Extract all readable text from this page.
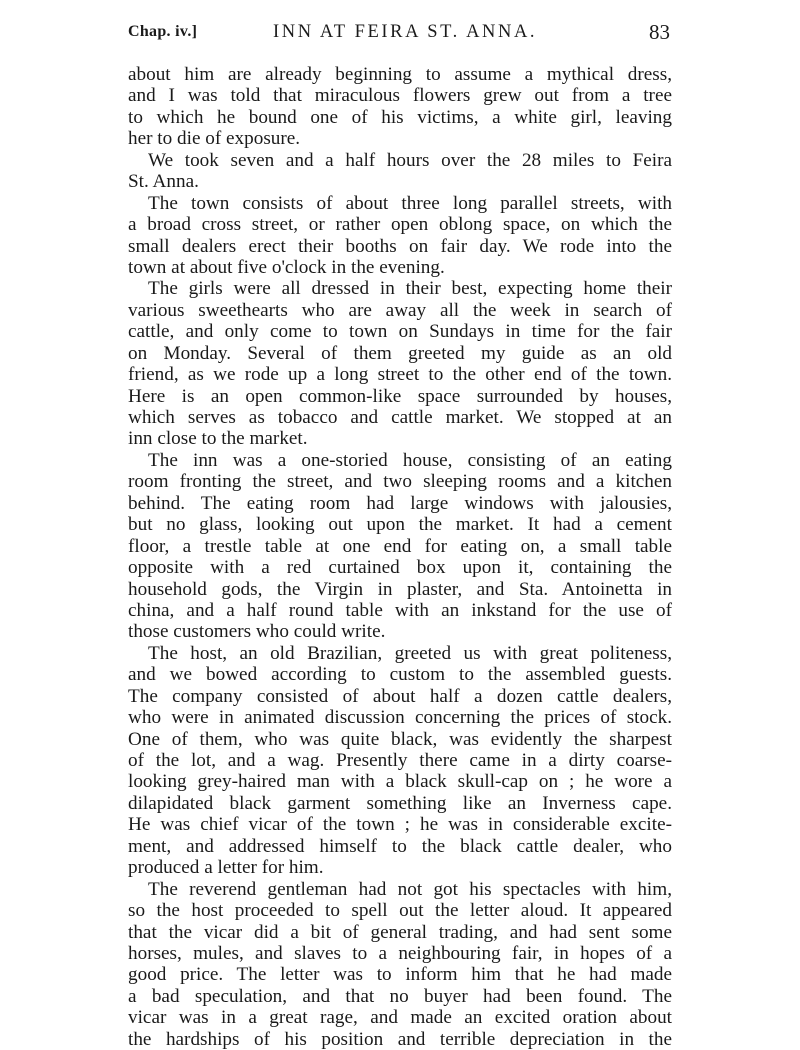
Chap. iv.]	INN AT FEIRA ST. ANNA.	83
about him are already beginning to assume a mythical dress,
and I was told that miraculous flowers grew out from a tree
to which he bound one of his victims, a white girl, leaving
her to die of exposure.
We took seven and a half hours over the 28 miles to Feira
St. Anna.
The town consists of about three long parallel streets, with
a broad cross street, or rather open oblong space, on which the
small dealers erect their booths on fair day. We rode into the
town at about five o'clock in the evening.
The girls were all dressed in their best, expecting home their
various sweethearts who are away all the week in search of
cattle, and only come to town on Sundays in time for the fair
on Monday. Several of them greeted my guide as an old
friend, as we rode up a long street to the other end of the town.
Here is an open common-like space surrounded by houses,
which serves as tobacco and cattle market. We stopped at an
inn close to the market.
The inn was a one-storied house, consisting of an eating
room fronting the street, and two sleeping rooms and a kitchen
behind. The eating room had large windows with jalousies,
but no glass, looking out upon the market. It had a cement
floor, a trestle table at one end for eating on, a small table
opposite with a red curtained box upon it, containing the
household gods, the Virgin in plaster, and Sta. Antoinetta in
china, and a half round table with an inkstand for the use of
those customers who could write.
The host, an old Brazilian, greeted us with great politeness,
and we bowed according to custom to the assembled guests.
The company consisted of about half a dozen cattle dealers,
who were in animated discussion concerning the prices of stock.
One of them, who was quite black, was evidently the sharpest
of the lot, and a wag. Presently there came in a dirty coarse-
looking grey-haired man with a black skull-cap on ; he wore a
dilapidated black garment something like an Inverness cape.
He was chief vicar of the town ; he was in considerable excite-
ment, and addressed himself to the black cattle dealer, who
produced a letter for him.
The reverend gentleman had not got his spectacles with him,
so the host proceeded to spell out the letter aloud. It appeared
that the vicar did a bit of general trading, and had sent some
horses, mules, and slaves to a neighbouring fair, in hopes of a
good price. The letter was to inform him that he had made
a bad speculation, and that no buyer had been found. The
vicar was in a great rage, and made an excited oration about
the hardships of his position and terrible depreciation in the
